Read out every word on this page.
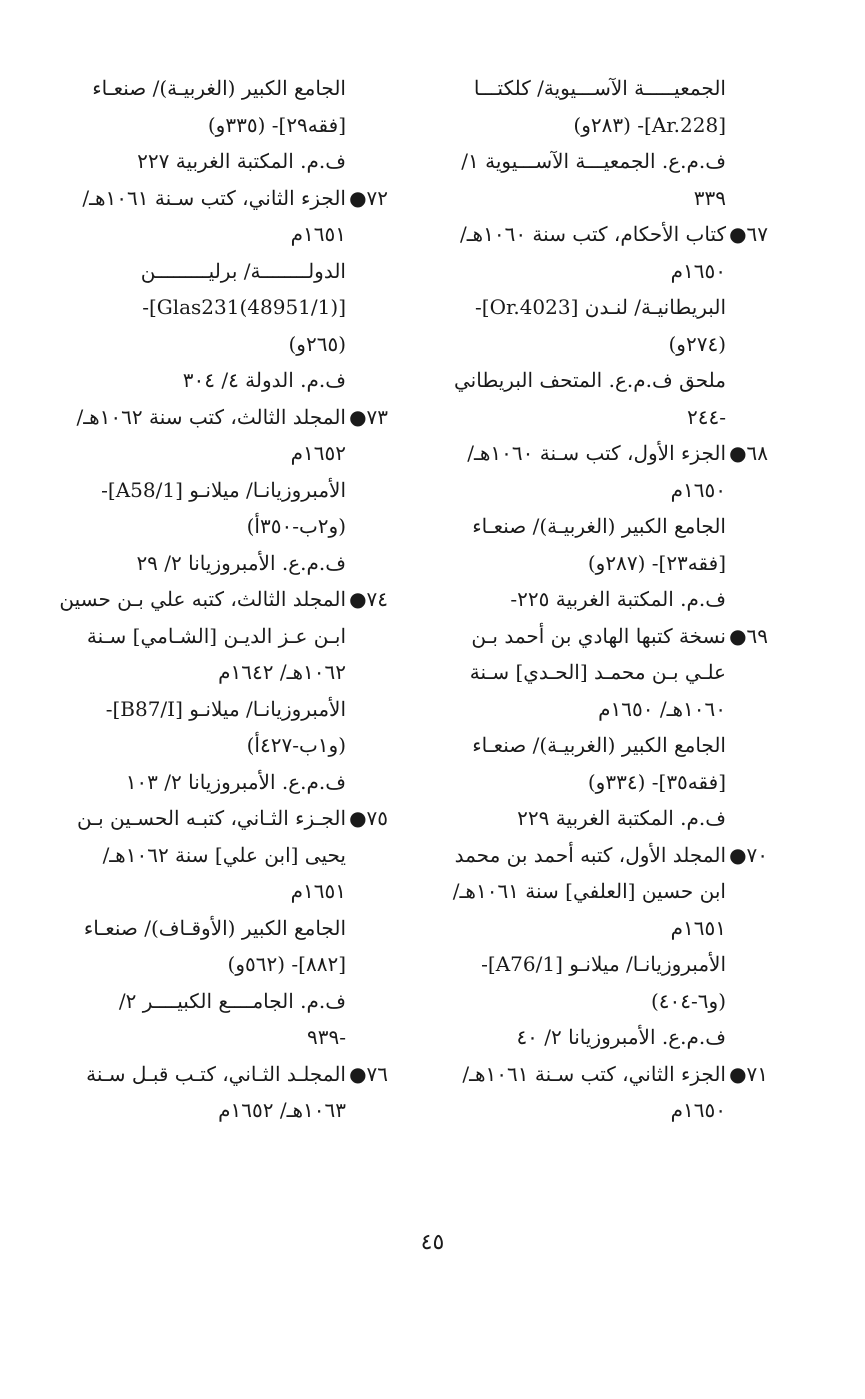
الجمعيـــــة الآســـيوية/ كلكتـــا
[Ar.228]- (٢٨٣و)
ف.م.ع. الجمعيـــة الآســـيوية ١/
٣٣٩
٦٧●كتاب الأحكام، كتب سنة ١٠٦٠هـ/
١٦٥٠م
البريطانيـة/ لنـدن [Or.4023]-
(٢٧٤و)
ملحق ف.م.ع. المتحف البريطاني
-٢٤٤
٦٨●الجزء الأول، كتب سـنة ١٠٦٠هـ/
١٦٥٠م
الجامع الكبير (الغربيـة)/ صنعـاء
[فقه٢٣]- (٢٨٧و)
ف.م. المكتبة الغربية ٢٢٥-
٦٩●نسخة كتبها الهادي بن أحمد بـن
علـي بـن محمـد [الحـدي] سـنة
١٠٦٠هـ/ ١٦٥٠م
الجامع الكبير (الغربيـة)/ صنعـاء
[فقه٣٥]- (٣٣٤و)
ف.م. المكتبة الغربية ٢٢٩
٧٠●المجلد الأول، كتبه أحمد بن محمد
ابن حسين [العلفي] سنة ١٠٦١هـ/
١٦٥١م
الأمبروزيانـا/ ميلانـو [A76/1]-
(و٦-٤٠٤)
ف.م.ع. الأمبروزيانا ٢/ ٤٠
٧١●الجزء الثاني، كتب سـنة ١٠٦١هـ/
١٦٥٠م
الجامع الكبير (الغربيـة)/ صنعـاء
[فقه٢٩]- (٣٣٥و)
ف.م. المكتبة الغربية ٢٢٧
٧٢●الجزء الثاني، كتب سـنة ١٠٦١هـ/
١٦٥١م
الدولــــــــة/ برليـــــــــن
[Glas231(48951/1)]-
(٢٦٥و)
ف.م. الدولة ٤/ ٣٠٤
٧٣●المجلد الثالث، كتب سنة ١٠٦٢هـ/
١٦٥٢م
الأمبروزيانـا/ ميلانـو [A58/1]-
(و٢ب-٣٥٠أ)
ف.م.ع. الأمبروزيانا ٢/ ٢٩
٧٤●المجلد الثالث، كتبه علي بـن حسين
ابـن عـز الديـن [الشـامي] سـنة
١٠٦٢هـ/ ١٦٤٢م
الأمبروزيانـا/ ميلانـو [B87/I]-
(و١ب-٤٢٧أ)
ف.م.ع. الأمبروزيانا ٢/ ١٠٣
٧٥●الجـزء الثـاني، كتبـه الحسـين بـن
يحيى [ابن علي] سنة ١٠٦٢هـ/
١٦٥١م
الجامع الكبير (الأوقـاف)/ صنعـاء
[٨٨٢]- (٥٦٢و)
ف.م. الجامــــع الكبيــــر ٢/
-٩٣٩
٧٦●المجلـد الثـاني، كتـب قبـل سـنة
١٠٦٣هـ/ ١٦٥٢م
٤٥
